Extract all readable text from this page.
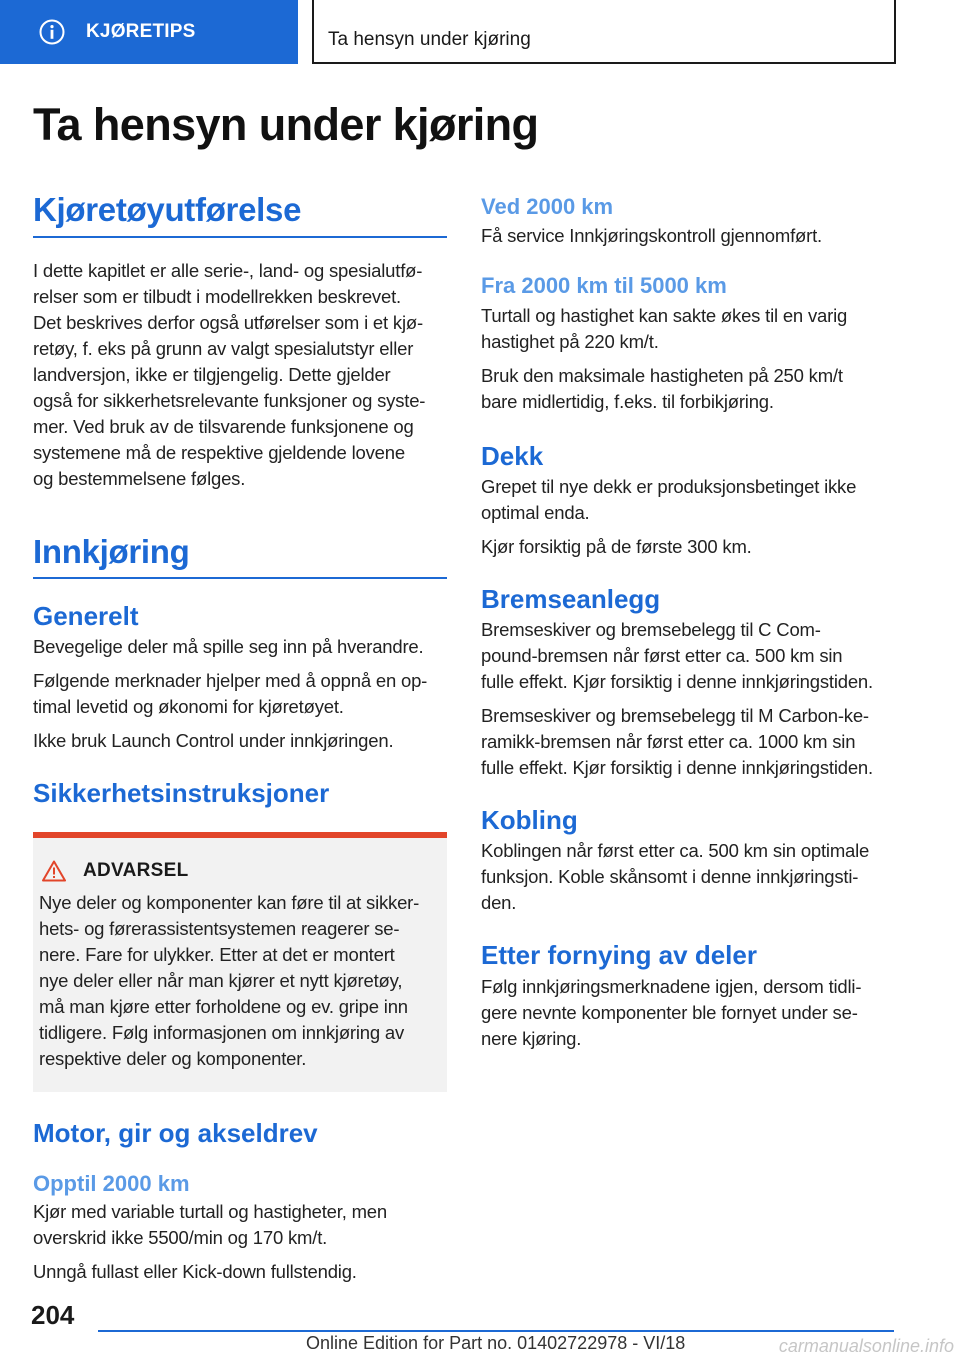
KJØRETIPS	Ta hensyn under kjøring
Ta hensyn under kjøring
Kjøretøyutførelse
I dette kapitlet er alle serie-, land- og spesialutfø-
relser som er tilbudt i modellrekken beskrevet.
Det beskrives derfor også utførelser som i et kjø-
retøy, f. eks på grunn av valgt spesialutstyr eller
landversjon, ikke er tilgjengelig. Dette gjelder
også for sikkerhetsrelevante funksjoner og syste-
mer. Ved bruk av de tilsvarende funksjonene og
systemene må de respektive gjeldende lovene
og bestemmelsene følges.
Innkjøring
Generelt
Bevegelige deler må spille seg inn på hverandre.
Følgende merknader hjelper med å oppnå en op-
timal levetid og økonomi for kjøretøyet.
Ikke bruk Launch Control under innkjøringen.
Sikkerhetsinstruksjoner
ADVARSEL
Nye deler og komponenter kan føre til at sikker-
hets- og førerassistentsystemen reagerer se-
nere. Fare for ulykker. Etter at det er montert
nye deler eller når man kjører et nytt kjøretøy,
må man kjøre etter forholdene og ev. gripe inn
tidligere. Følg informasjonen om innkjøring av
respektive deler og komponenter.
Motor, gir og akseldrev
Opptil 2000 km
Kjør med variable turtall og hastigheter, men
overskrid ikke 5500/min og 170 km/t.
Unngå fullast eller Kick-down fullstendig.
Ved 2000 km
Få service Innkjøringskontroll gjennomført.
Fra 2000 km til 5000 km
Turtall og hastighet kan sakte økes til en varig
hastighet på 220 km/t.
Bruk den maksimale hastigheten på 250 km/t
bare midlertidig, f.eks. til forbikjøring.
Dekk
Grepet til nye dekk er produksjonsbetinget ikke
optimal enda.
Kjør forsiktig på de første 300 km.
Bremseanlegg
Bremseskiver og bremsebelegg til C Com-
pound-bremsen når først etter ca. 500 km sin
fulle effekt. Kjør forsiktig i denne innkjøringstiden.
Bremseskiver og bremsebelegg til M Carbon-ke-
ramikk-bremsen når først etter ca. 1000 km sin
fulle effekt. Kjør forsiktig i denne innkjøringstiden.
Kobling
Koblingen når først etter ca. 500 km sin optimale
funksjon. Koble skånsomt i denne innkjøringsti-
den.
Etter fornying av deler
Følg innkjøringsmerknadene igjen, dersom tidli-
gere nevnte komponenter ble fornyet under se-
nere kjøring.
204
Online Edition for Part no. 01402722978 - VI/18	carmanualsonline.info
